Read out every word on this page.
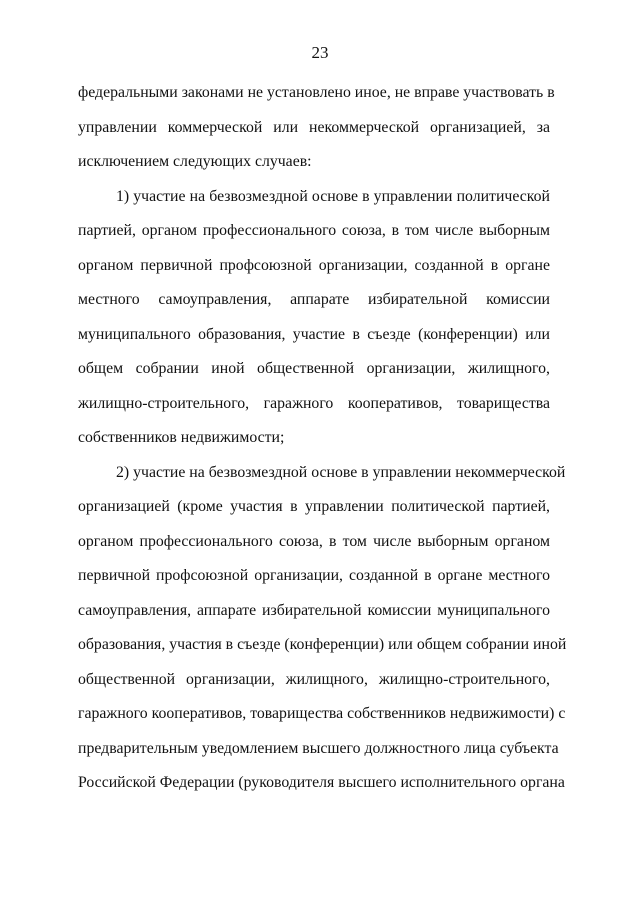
23
федеральными законами не установлено иное, не вправе участвовать в
управлении коммерческой или некоммерческой организацией, за
исключением следующих случаев:
1) участие на безвозмездной основе в управлении политической
партией, органом профессионального союза, в том числе выборным
органом первичной профсоюзной организации, созданной в органе
местного самоуправления, аппарате избирательной комиссии
муниципального образования, участие в съезде (конференции) или
общем собрании иной общественной организации, жилищного,
жилищно-строительного, гаражного кооперативов, товарищества
собственников недвижимости;
2) участие на безвозмездной основе в управлении некоммерческой
организацией (кроме участия в управлении политической партией,
органом профессионального союза, в том числе выборным органом
первичной профсоюзной организации, созданной в органе местного
самоуправления, аппарате избирательной комиссии муниципального
образования, участия в съезде (конференции) или общем собрании иной
общественной организации, жилищного, жилищно-строительного,
гаражного кооперативов, товарищества собственников недвижимости) с
предварительным уведомлением высшего должностного лица субъекта
Российской Федерации (руководителя высшего исполнительного органа
